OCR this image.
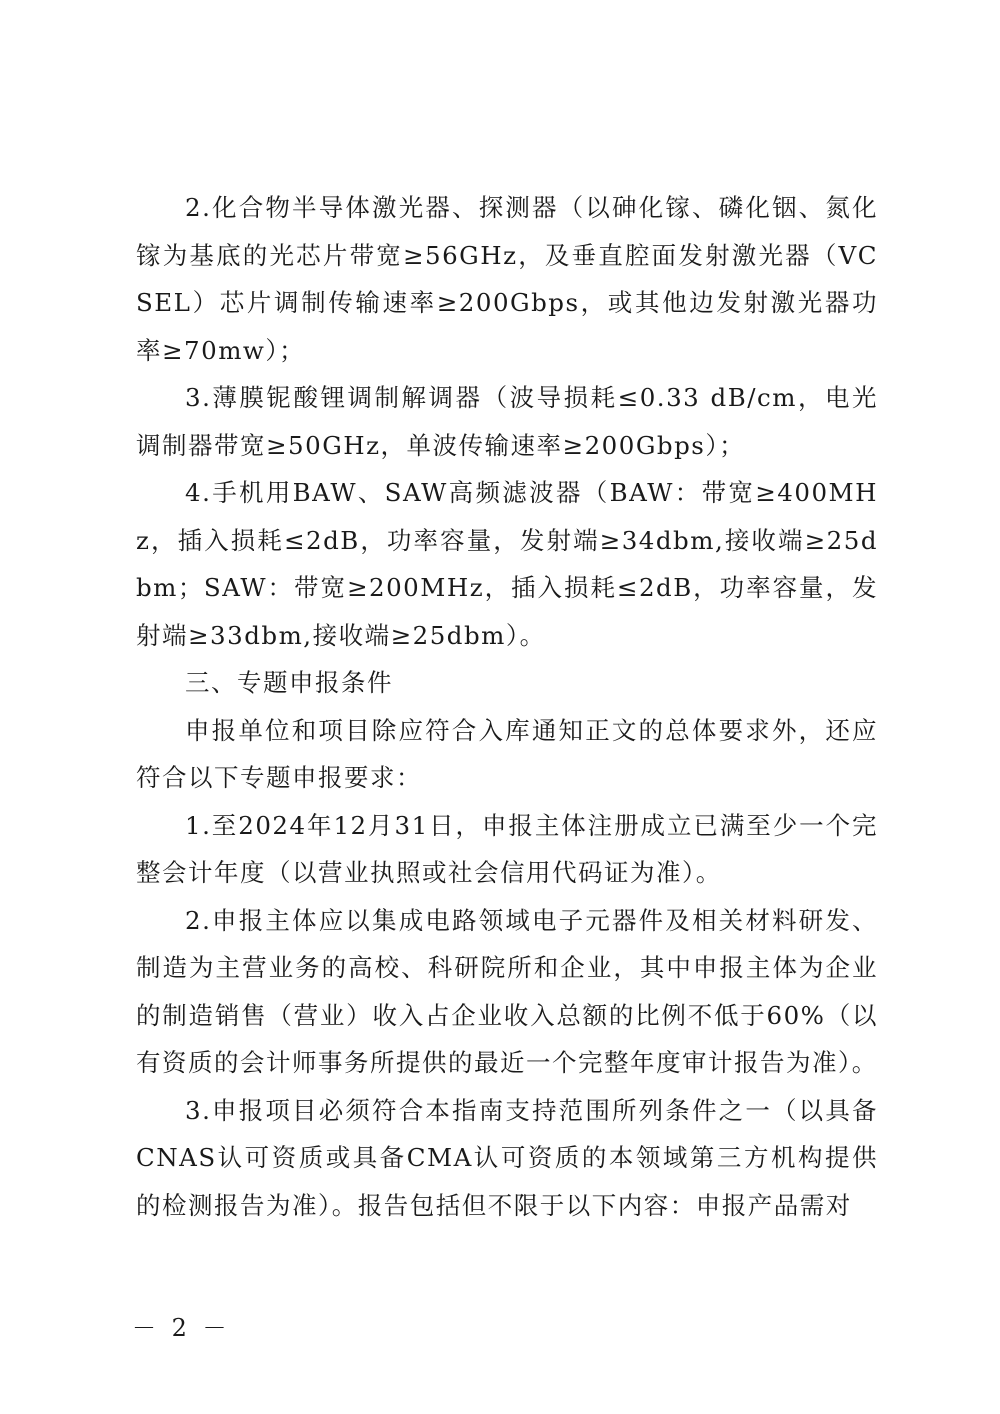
2.化合物半导体激光器、探测器（以砷化镓、磷化铟、氮化镓为基底的光芯片带宽≥56GHz，及垂直腔面发射激光器（VCSEL）芯片调制传输速率≥200Gbps，或其他边发射激光器功率≥70mw）；

3.薄膜铌酸锂调制解调器（波导损耗≤0.33 dB/cm，电光调制器带宽≥50GHz，单波传输速率≥200Gbps）；

4.手机用BAW、SAW高频滤波器（BAW：带宽≥400MHz，插入损耗≤2dB，功率容量，发射端≥34dbm,接收端≥25dbm；SAW：带宽≥200MHz，插入损耗≤2dB，功率容量，发射端≥33dbm,接收端≥25dbm）。

三、专题申报条件

申报单位和项目除应符合入库通知正文的总体要求外，还应符合以下专题申报要求：

1.至2024年12月31日，申报主体注册成立已满至少一个完整会计年度（以营业执照或社会信用代码证为准）。

2.申报主体应以集成电路领域电子元器件及相关材料研发、制造为主营业务的高校、科研院所和企业，其中申报主体为企业的制造销售（营业）收入占企业收入总额的比例不低于60%（以有资质的会计师事务所提供的最近一个完整年度审计报告为准）。

3.申报项目必须符合本指南支持范围所列条件之一（以具备CNAS认可资质或具备CMA认可资质的本领域第三方机构提供的检测报告为准）。报告包括但不限于以下内容：申报产品需对

－ 2 －
